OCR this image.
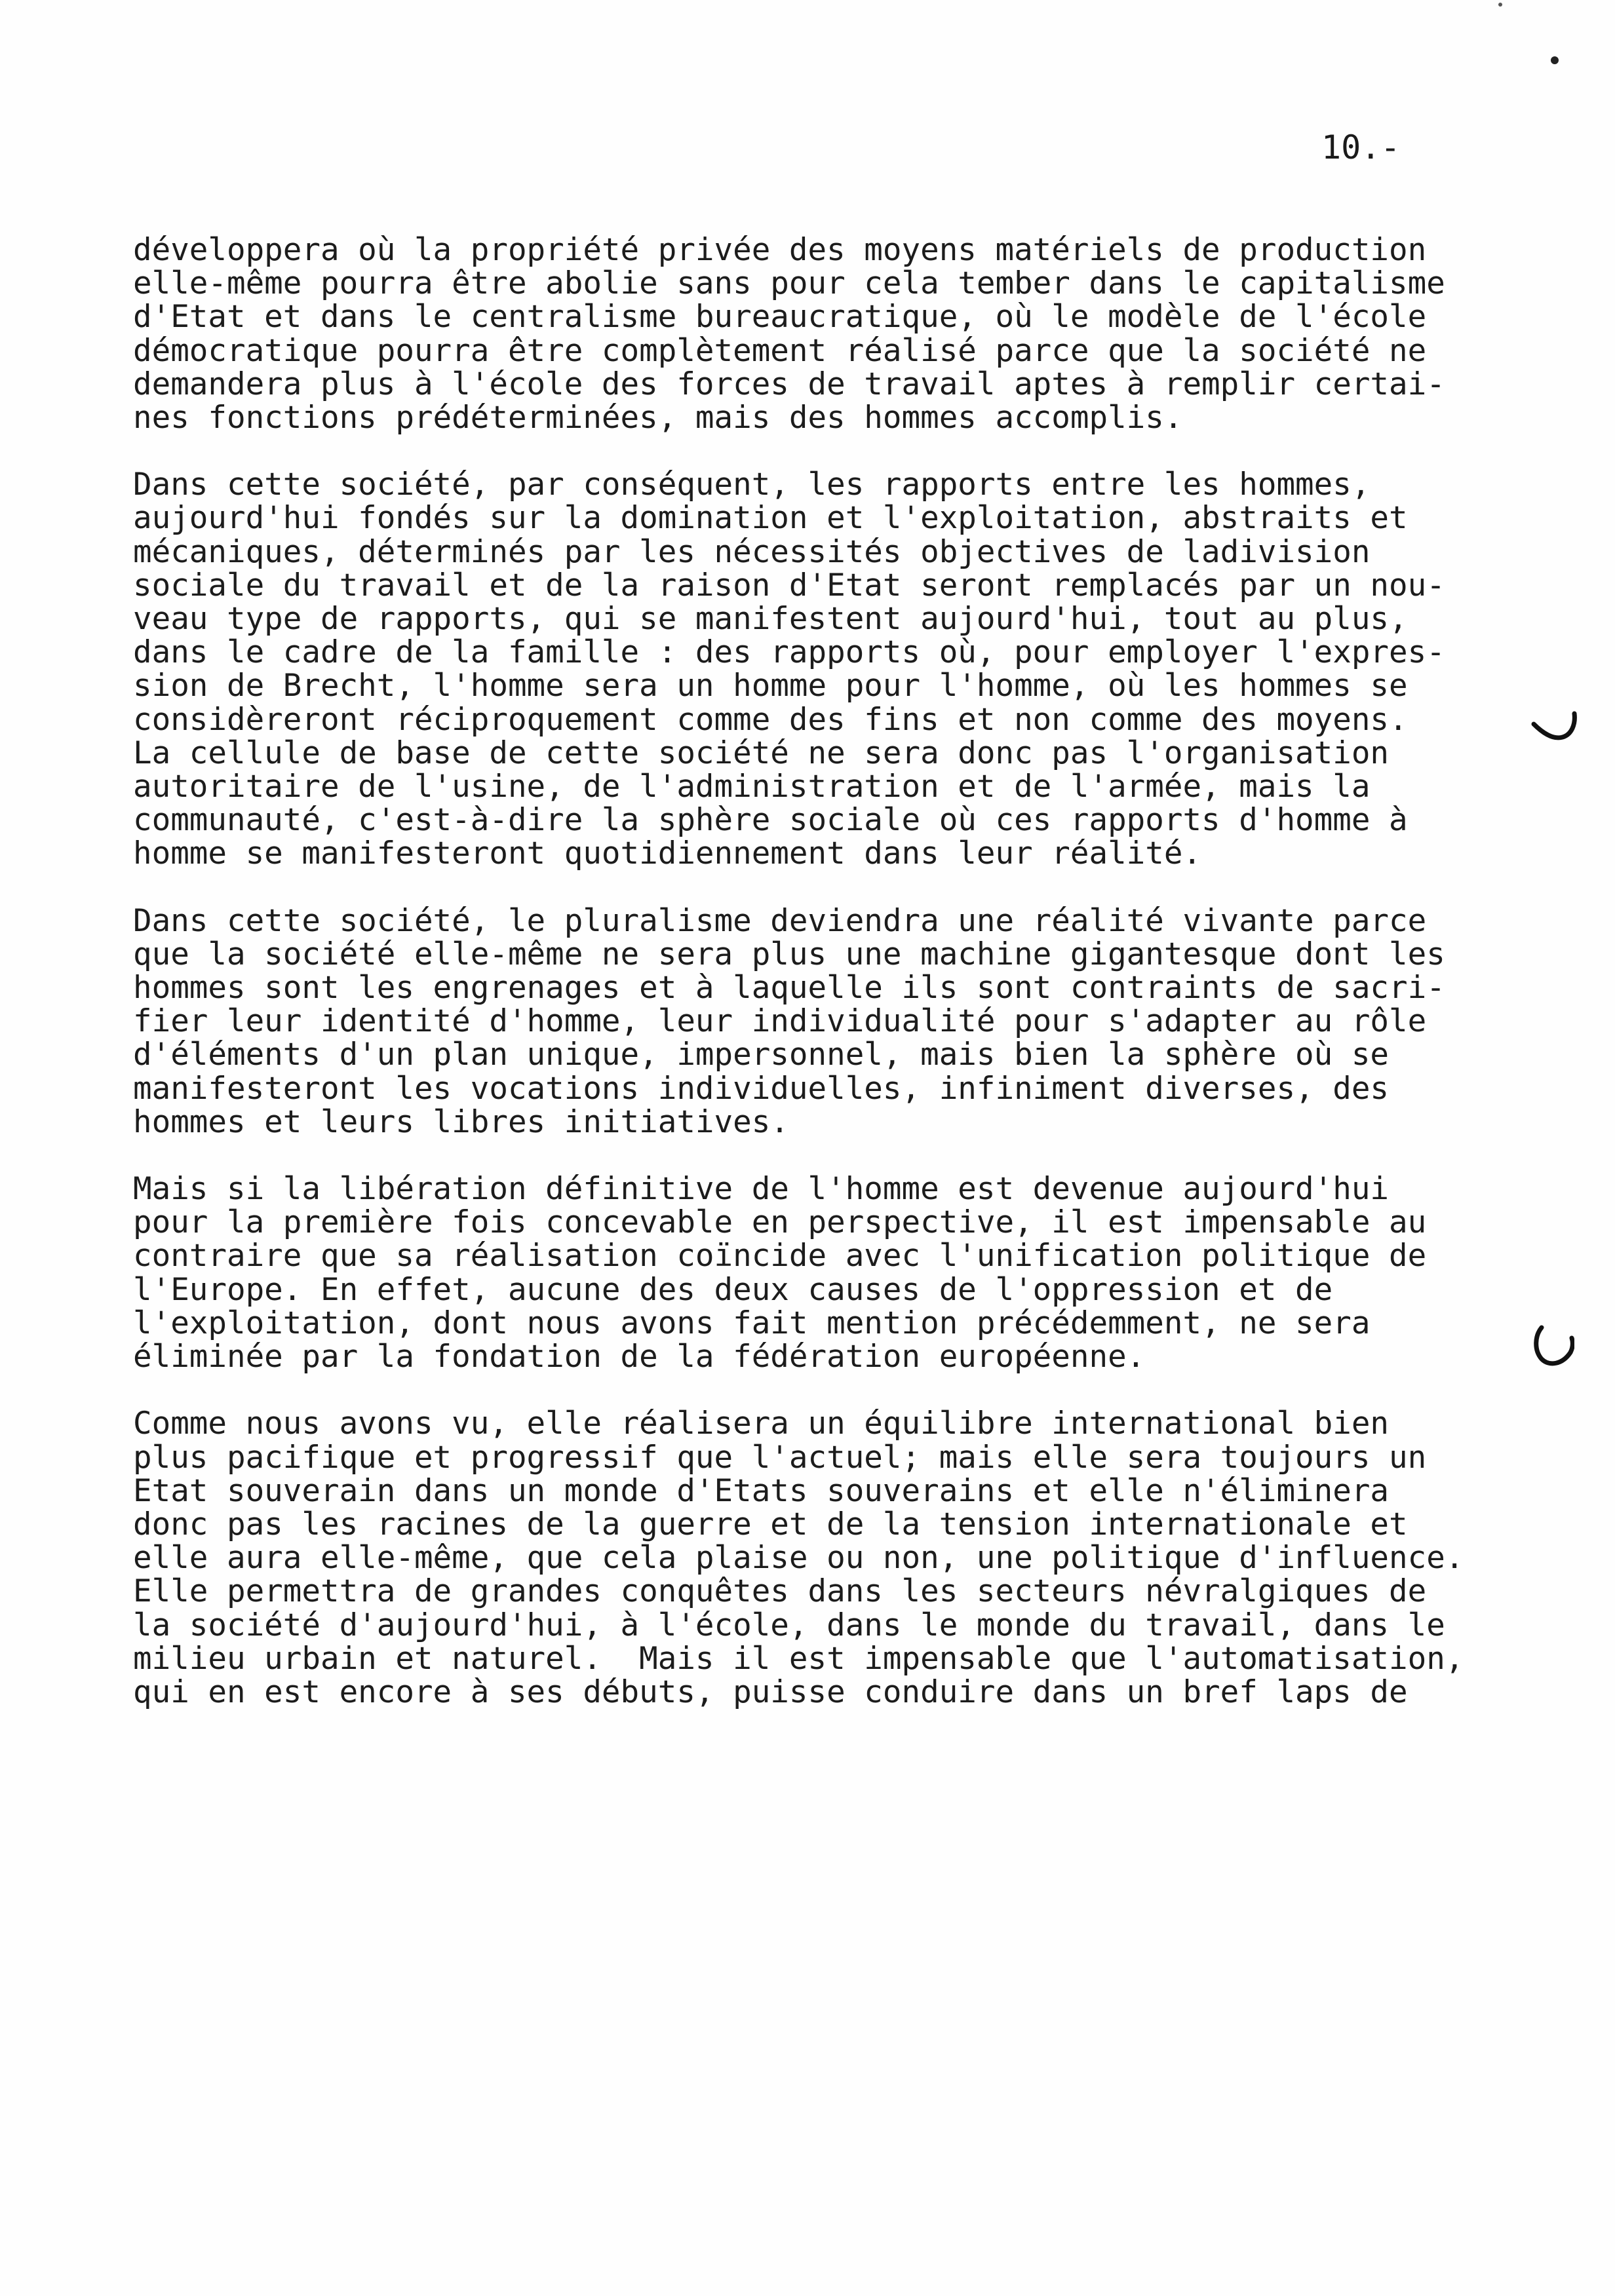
10.-

développera où la propriété privée des moyens matériels de production
elle-même pourra être abolie sans pour cela tember dans le capitalisme
d'Etat et dans le centralisme bureaucratique, où le modèle de l'école
démocratique pourra être complètement réalisé parce que la société ne
demandera plus à l'école des forces de travail aptes à remplir certai-
nes fonctions prédéterminées, mais des hommes accomplis.

Dans cette société, par conséquent, les rapports entre les hommes,
aujourd'hui fondés sur la domination et l'exploitation, abstraits et
mécaniques, déterminés par les nécessités objectives de ladivision
sociale du travail et de la raison d'Etat seront remplacés par un nou-
veau type de rapports, qui se manifestent aujourd'hui, tout au plus,
dans le cadre de la famille : des rapports où, pour employer l'expres-
sion de Brecht, l'homme sera un homme pour l'homme, où les hommes se
considèreront réciproquement comme des fins et non comme des moyens.
La cellule de base de cette société ne sera donc pas l'organisation
autoritaire de l'usine, de l'administration et de l'armée, mais la
communauté, c'est-à-dire la sphère sociale où ces rapports d'homme à
homme se manifesteront quotidiennement dans leur réalité.

Dans cette société, le pluralisme deviendra une réalité vivante parce
que la société elle-même ne sera plus une machine gigantesque dont les
hommes sont les engrenages et à laquelle ils sont contraints de sacri-
fier leur identité d'homme, leur individualité pour s'adapter au rôle
d'éléments d'un plan unique, impersonnel, mais bien la sphère où se
manifesteront les vocations individuelles, infiniment diverses, des
hommes et leurs libres initiatives.

Mais si la libération définitive de l'homme est devenue aujourd'hui
pour la première fois concevable en perspective, il est impensable au
contraire que sa réalisation coïncide avec l'unification politique de
l'Europe. En effet, aucune des deux causes de l'oppression et de
l'exploitation, dont nous avons fait mention précédemment, ne sera
éliminée par la fondation de la fédération européenne.

Comme nous avons vu, elle réalisera un équilibre international bien
plus pacifique et progressif que l'actuel; mais elle sera toujours un
Etat souverain dans un monde d'Etats souverains et elle n'éliminera
donc pas les racines de la guerre et de la tension internationale et
elle aura elle-même, que cela plaise ou non, une politique d'influence.
Elle permettra de grandes conquêtes dans les secteurs névralgiques de
la société d'aujourd'hui, à l'école, dans le monde du travail, dans le
milieu urbain et naturel.  Mais il est impensable que l'automatisation,
qui en est encore à ses débuts, puisse conduire dans un bref laps de
